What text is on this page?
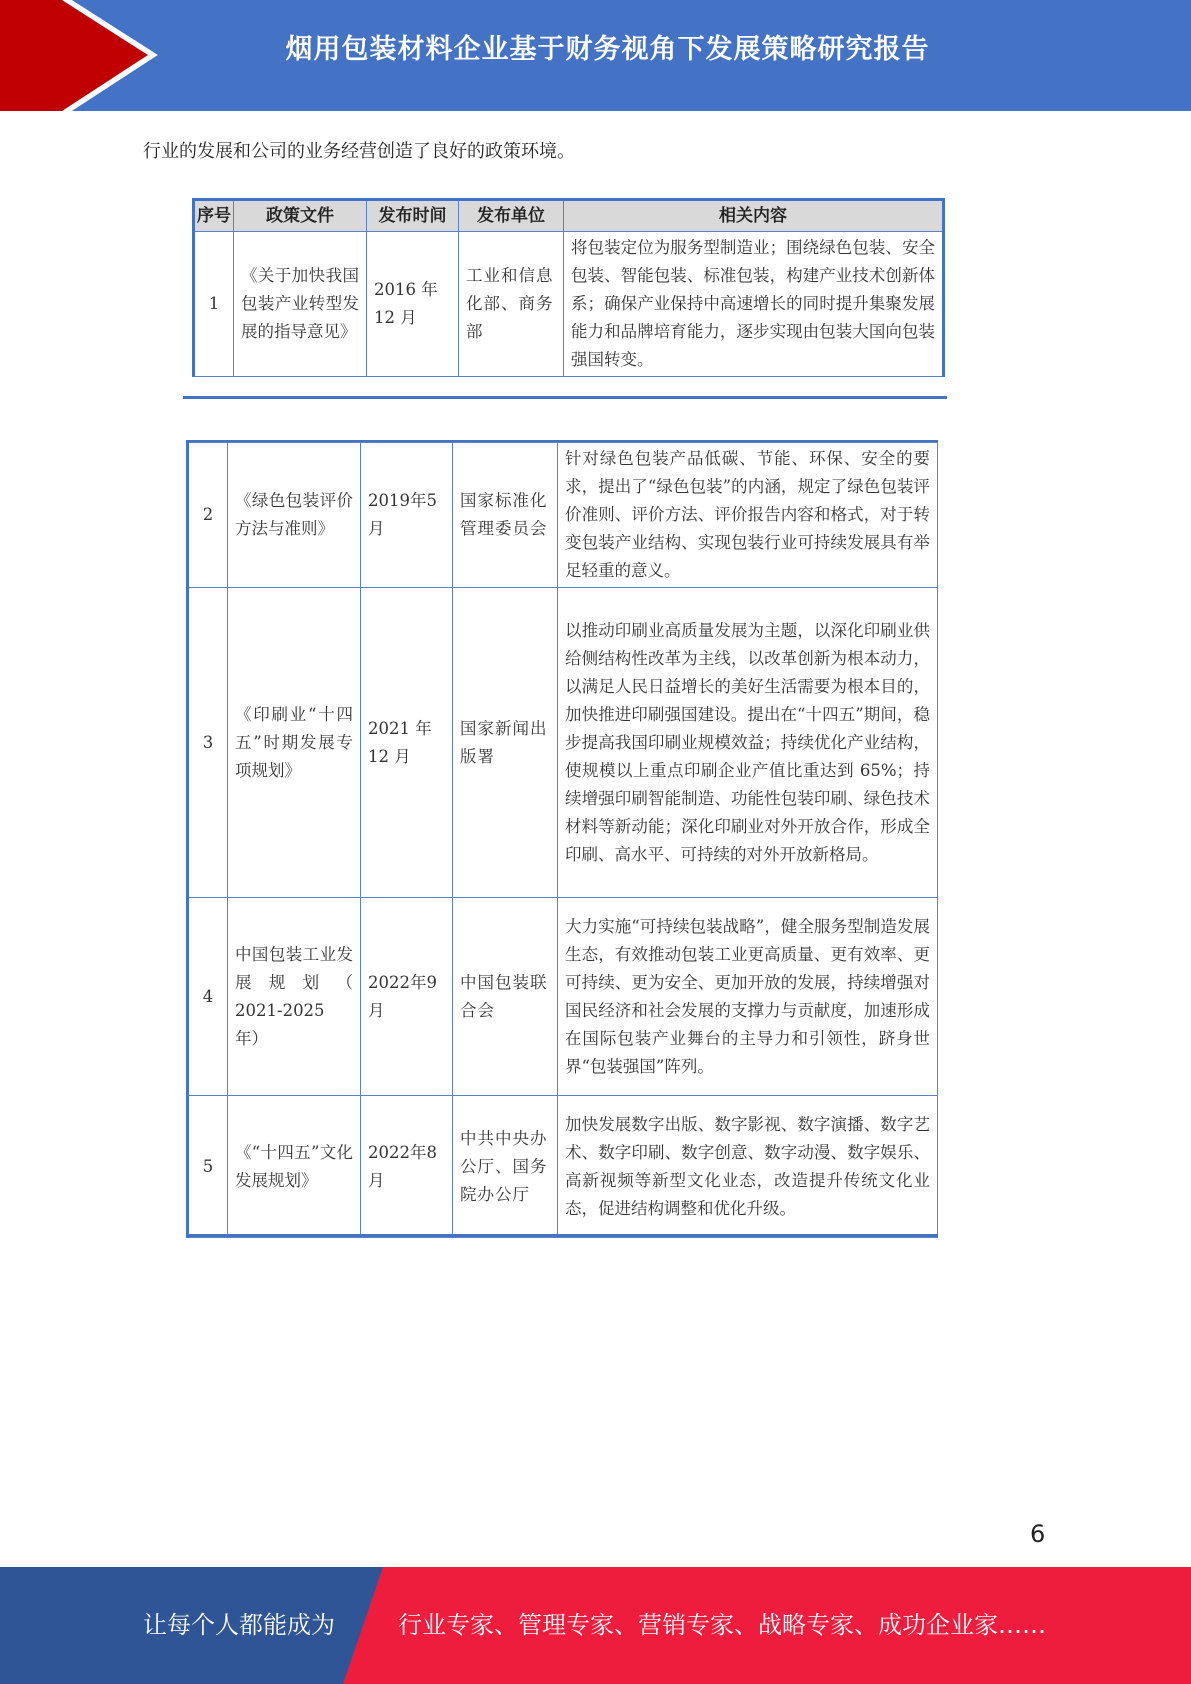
烟用包装材料企业基于财务视角下发展策略研究报告
行业的发展和公司的业务经营创造了良好的政策环境。
序号	政策文件	发布时间	发布单位	相关内容
1	《关于加快我国包装产业转型发展的指导意见》	2016 年 12 月	工业和信息化部、商务部	将包装定位为服务型制造业；围绕绿色包装、安全包装、智能包装、标准包装，构建产业技术创新体系；确保产业保持中高速增长的同时提升集聚发展能力和品牌培育能力，逐步实现由包装大国向包装强国转变。
2	《绿色包装评价方法与准则》	2019年5月	国家标准化管理委员会	针对绿色包装产品低碳、节能、环保、安全的要求，提出了“绿色包装”的内涵，规定了绿色包装评价准则、评价方法、评价报告内容和格式，对于转变包装产业结构、实现包装行业可持续发展具有举足轻重的意义。
3	《印刷业“十四五”时期发展专项规划》	2021 年 12 月	国家新闻出版署	以推动印刷业高质量发展为主题，以深化印刷业供给侧结构性改革为主线，以改革创新为根本动力，以满足人民日益增长的美好生活需要为根本目的，加快推进印刷强国建设。提出在“十四五”期间，稳步提高我国印刷业规模效益；持续优化产业结构，使规模以上重点印刷企业产值比重达到 65%；持续增强印刷智能制造、功能性包装印刷、绿色技术材料等新动能；深化印刷业对外开放合作，形成全印刷、高水平、可持续的对外开放新格局。
4	中国包装工业发展规划（ 2021-2025 年）	2022年9月	中国包装联合会	大力实施“可持续包装战略”，健全服务型制造发展生态，有效推动包装工业更高质量、更有效率、更可持续、更为安全、更加开放的发展，持续增强对国民经济和社会发展的支撑力与贡献度，加速形成在国际包装产业舞台的主导力和引领性，跻身世界“包装强国”阵列。
5	《“十四五”文化发展规划》	2022年8月	中共中央办公厅、国务院办公厅	加快发展数字出版、数字影视、数字演播、数字艺术、数字印刷、数字创意、数字动漫、数字娱乐、高新视频等新型文化业态，改造提升传统文化业态，促进结构调整和优化升级。
6
让每个人都能成为	行业专家、管理专家、营销专家、战略专家、成功企业家……
